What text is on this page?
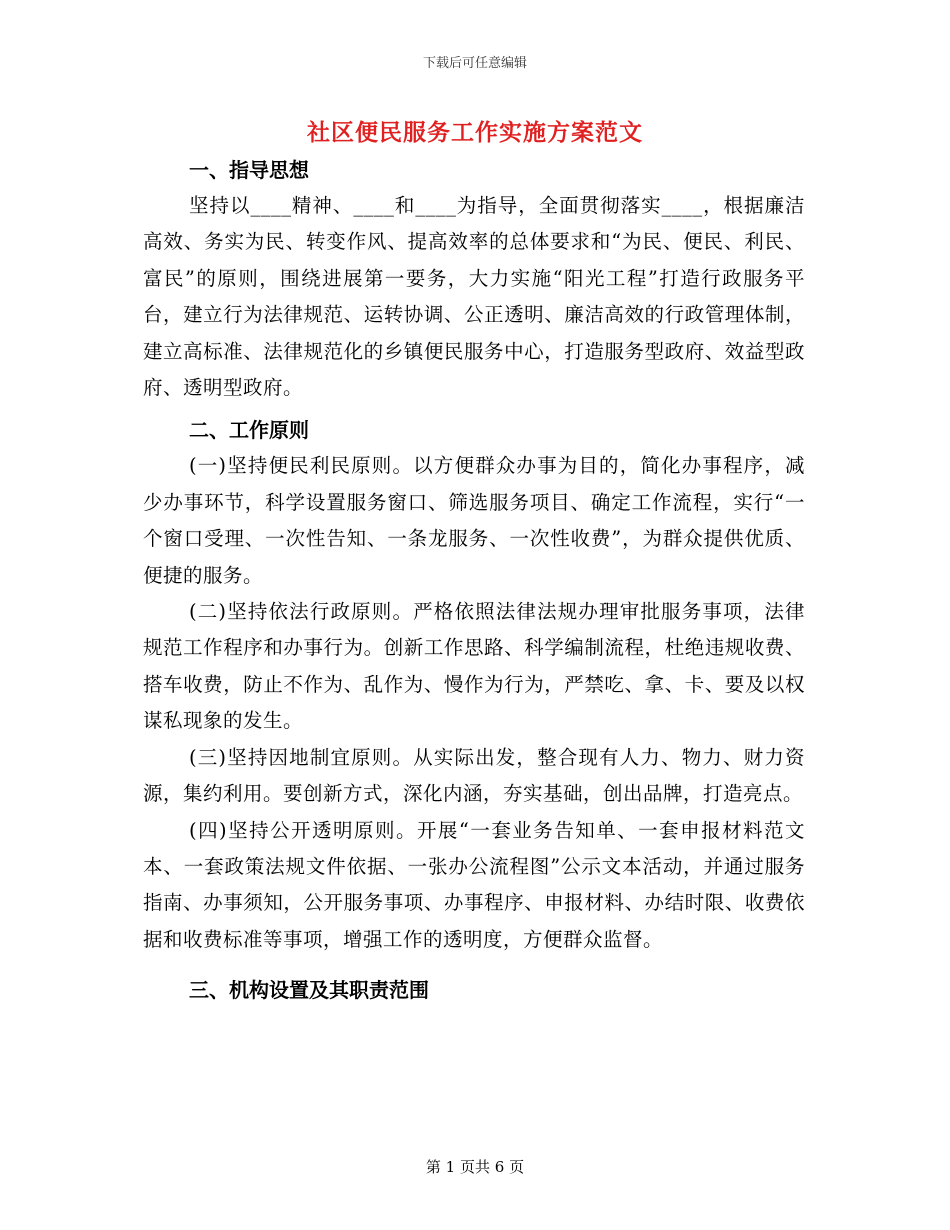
下载后可任意编辑
社区便民服务工作实施方案范文

一、指导思想

坚持以____精神、____和____为指导，全面贯彻落实____，根据廉洁高效、务实为民、转变作风、提高效率的总体要求和“为民、便民、利民、富民”的原则，围绕进展第一要务，大力实施“阳光工程”打造行政服务平台，建立行为法律规范、运转协调、公正透明、廉洁高效的行政管理体制，建立高标准、法律规范化的乡镇便民服务中心，打造服务型政府、效益型政府、透明型政府。

二、工作原则

(一)坚持便民利民原则。以方便群众办事为目的，简化办事程序，减少办事环节，科学设置服务窗口、筛选服务项目、确定工作流程，实行“一个窗口受理、一次性告知、一条龙服务、一次性收费”，为群众提供优质、便捷的服务。

(二)坚持依法行政原则。严格依照法律法规办理审批服务事项，法律规范工作程序和办事行为。创新工作思路、科学编制流程，杜绝违规收费、搭车收费，防止不作为、乱作为、慢作为行为，严禁吃、拿、卡、要及以权谋私现象的发生。

(三)坚持因地制宜原则。从实际出发，整合现有人力、物力、财力资源，集约利用。要创新方式，深化内涵，夯实基础，创出品牌，打造亮点。

(四)坚持公开透明原则。开展“一套业务告知单、一套申报材料范文本、一套政策法规文件依据、一张办公流程图”公示文本活动，并通过服务指南、办事须知，公开服务事项、办事程序、申报材料、办结时限、收费依据和收费标准等事项，增强工作的透明度，方便群众监督。

三、机构设置及其职责范围

第 1 页共 6 页
